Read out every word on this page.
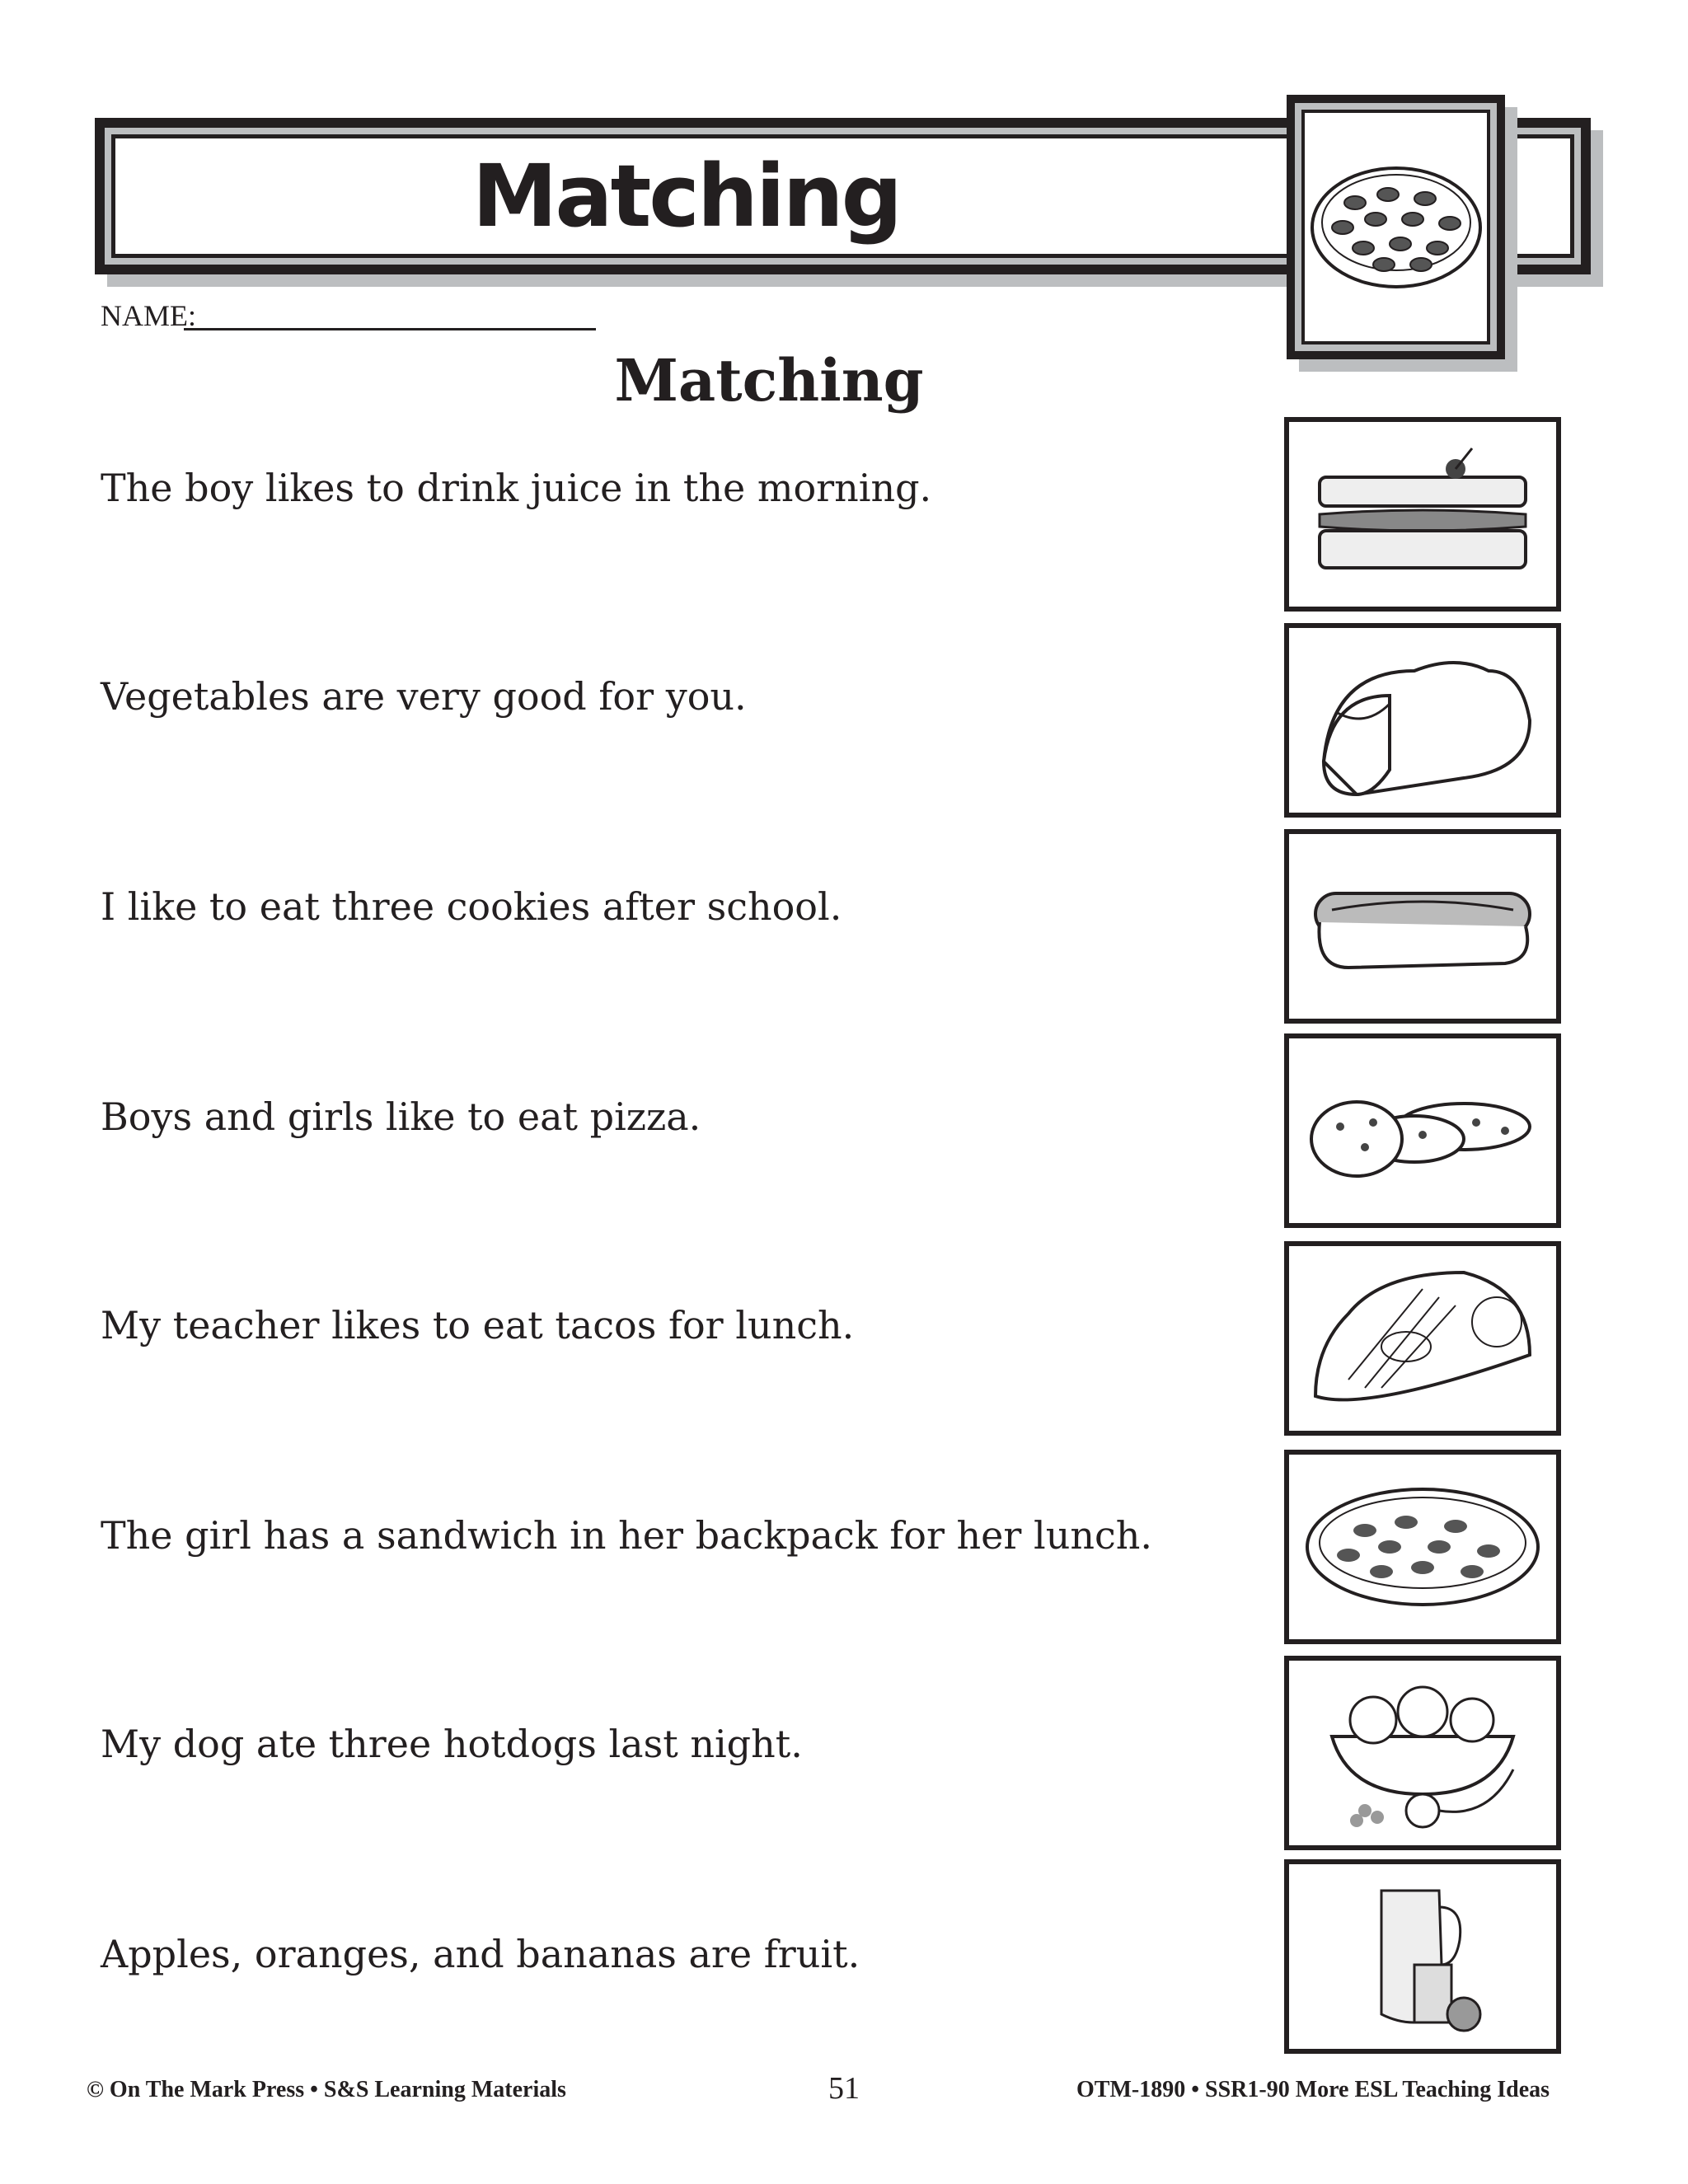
Matching
NAME:
Matching
The boy likes to drink juice in the morning.
Vegetables are very good for you.
I like to eat three cookies after school.
Boys and girls like to eat pizza.
My teacher likes to eat tacos for lunch.
The girl has a sandwich in her backpack for her lunch.
My dog ate three hotdogs last night.
Apples, oranges, and bananas are fruit.
© On The Mark Press • S&S Learning Materials	51	OTM-1890 • SSR1-90 More ESL Teaching Ideas
